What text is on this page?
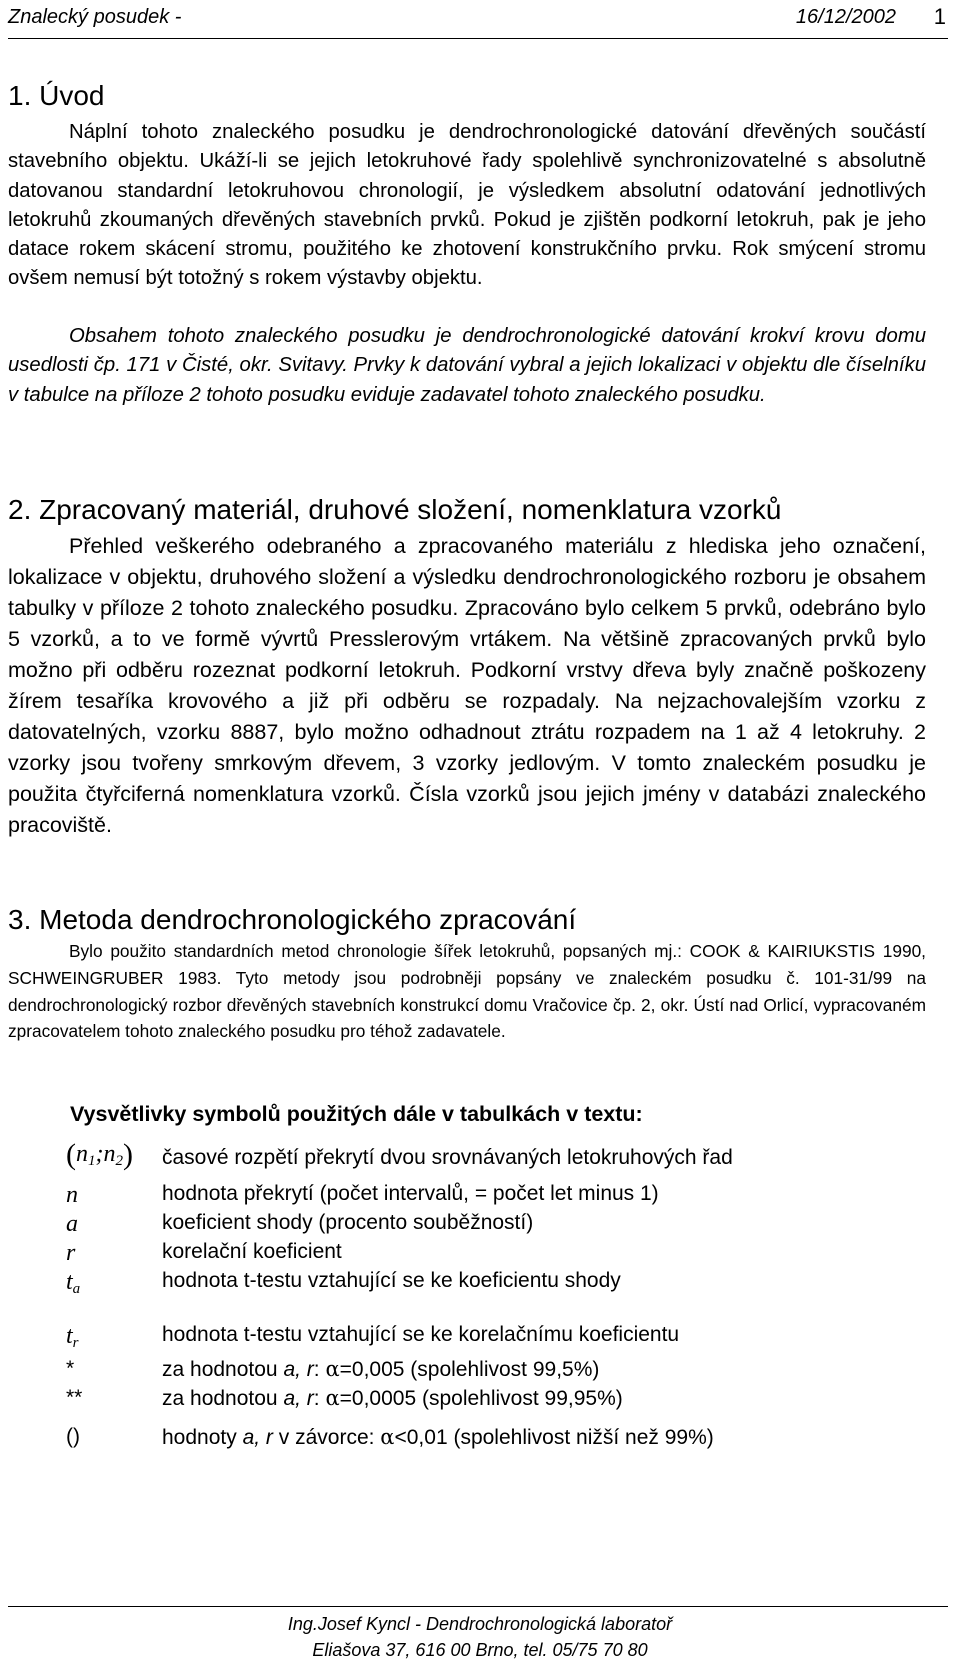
Znalecký posudek -	16/12/2002 1
1. Úvod

Náplní tohoto znaleckého posudku je dendrochronologické datování dřevěných součástí stavebního objektu. Ukáží-li se jejich letokruhové řady spolehlivě synchronizovatelné s absolutně datovanou standardní letokruhovou chronologií, je výsledkem absolutní odatování jednotlivých letokruhů zkoumaných dřevěných stavebních prvků. Pokud je zjištěn podkorní letokruh, pak je jeho datace rokem skácení stromu, použitého ke zhotovení konstrukčního prvku. Rok smýcení stromu ovšem nemusí být totožný s rokem výstavby objektu.

Obsahem tohoto znaleckého posudku je dendrochronologické datování krokví krovu domu usedlosti čp. 171 v Čisté, okr. Svitavy. Prvky k datování vybral a jejich lokalizaci v objektu dle číselníku v tabulce na příloze 2 tohoto posudku eviduje zadavatel tohoto znaleckého posudku.

2. Zpracovaný materiál, druhové složení, nomenklatura vzorků

Přehled veškerého odebraného a zpracovaného materiálu z hlediska jeho označení, lokalizace v objektu, druhového složení a výsledku dendrochronologického rozboru je obsahem tabulky v příloze 2 tohoto znaleckého posudku. Zpracováno bylo celkem 5 prvků, odebráno bylo 5 vzorků, a to ve formě vývrtů Presslerovým vrtákem. Na většině zpracovaných prvků bylo možno při odběru rozeznat podkorní letokruh. Podkorní vrstvy dřeva byly značně poškozeny žírem tesaříka krovového a již při odběru se rozpadaly. Na nejzachovalejším vzorku z datovatelných, vzorku 8887, bylo možno odhadnout ztrátu rozpadem na 1 až 4 letokruhy. 2 vzorky jsou tvořeny smrkovým dřevem, 3 vzorky jedlovým. V tomto znaleckém posudku je použita čtyřciferná nomenklatura vzorků. Čísla vzorků jsou jejich jmény v databázi znaleckého pracoviště.

3. Metoda dendrochronologického zpracování

Bylo použito standardních metod chronologie šířek letokruhů, popsaných mj.: COOK & KAIRIUKSTIS 1990, SCHWEINGRUBER 1983. Tyto metody jsou podrobněji popsány ve znaleckém posudku č. 101-31/99 na dendrochronologický rozbor dřevěných stavebních konstrukcí domu Vračovice čp. 2, okr. Ústí nad Orlicí, vypracovaném zpracovatelem tohoto znaleckého posudku pro téhož zadavatele.

Vysvětlivky symbolů použitých dále v tabulkách v textu:
$(n_1;n_2)$	časové rozpětí překrytí dvou srovnávaných letokruhových řad
n	hodnota překrytí (počet intervalů, = počet let minus 1)
a	koeficient shody (procento souběžností)
r	korelační koeficient
$t_a$	hodnota t-testu vztahující se ke koeficientu shody
$t_r$	hodnota t-testu vztahující se ke korelačnímu koeficientu
*	za hodnotou a, r: α=0,005 (spolehlivost 99,5%)
**	za hodnotou a, r: α=0,0005 (spolehlivost 99,95%)
()	hodnoty a, r v závorce: α<0,01 (spolehlivost nižší než 99%)
Ing.Josef Kyncl - Dendrochronologická laboratoř
Eliašova 37, 616 00 Brno, tel. 05/75 70 80
